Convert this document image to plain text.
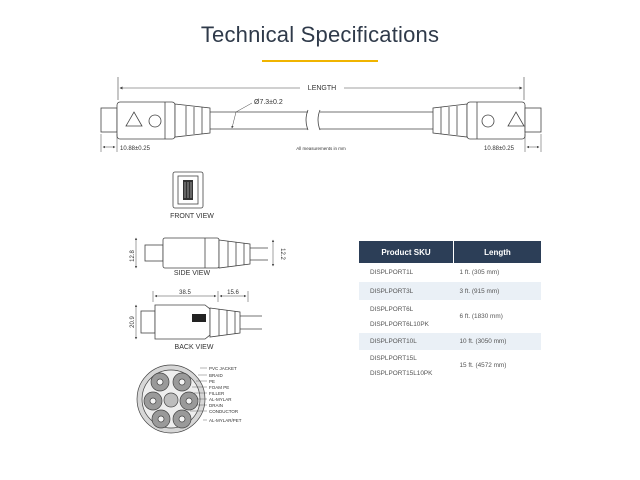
Technical Specifications
LENGTH
Ø7.3±0.2
10.88±0.25	10.88±0.25
All measurements in mm
FRONT VIEW
12.8	12.2
SIDE VIEW
38.5	15.6
20.9
BACK VIEW
PVC JACKET
BRAID
PE
FOAM PE
FILLER
AL-MYLAR
DRAIN
CONDUCTOR
AL-MYLAR/PET
Product SKU	Length
DISPLPORT1L	1 ft. (305 mm)
DISPLPORT3L	3 ft. (915 mm)

DISPLPORT6L
DISPLPORT6L10PK	6 ft. (1830 mm)
DISPLPORT10L	10 ft. (3050 mm)

DISPLPORT15L
DISPLPORT15L10PK	15 ft. (4572 mm)
